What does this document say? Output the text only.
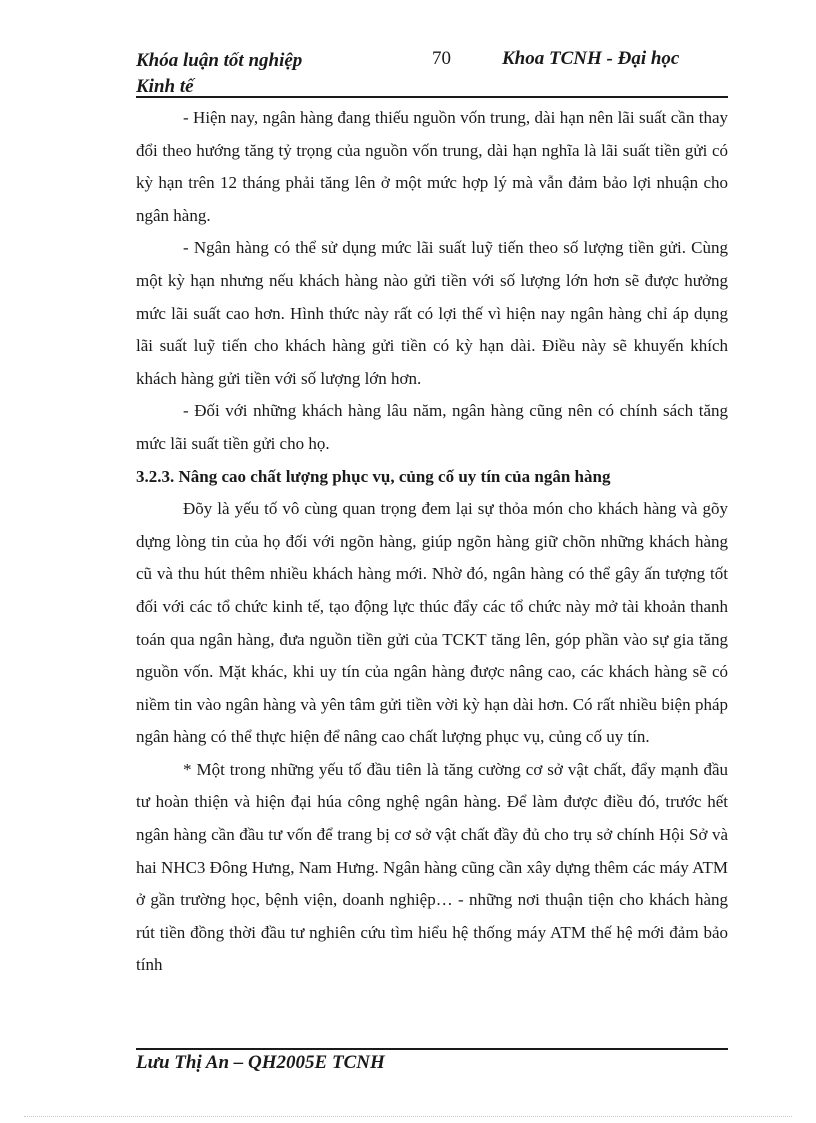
Khóa luận tốt nghiệp
Kinh tế
70	Khoa TCNH - Đại học

- Hiện nay, ngân hàng đang thiếu nguồn vốn trung, dài hạn nên lãi suất cần thay đổi theo hướng tăng tỷ trọng của nguồn vốn trung, dài hạn nghĩa là lãi suất tiền gửi có kỳ hạn trên 12 tháng phải tăng lên ở một mức hợp lý mà vẫn đảm bảo lợi nhuận cho ngân hàng.

- Ngân hàng có thể sử dụng mức lãi suất luỹ tiến theo số lượng tiền gửi. Cùng một kỳ hạn nhưng nếu khách hàng nào gửi tiền với số lượng lớn hơn sẽ được hưởng mức lãi suất cao hơn. Hình thức này rất có lợi thế vì hiện nay ngân hàng chỉ áp dụng lãi suất luỹ tiến cho khách hàng gửi tiền có kỳ hạn dài. Điều này sẽ khuyến khích khách hàng gửi tiền với số lượng lớn hơn.

- Đối với những khách hàng lâu năm, ngân hàng cũng nên có chính sách tăng mức lãi suất tiền gửi cho họ.

3.2.3. Nâng cao chất lượng phục vụ, củng cố uy tín của ngân hàng

Đõy là yếu tố vô cùng quan trọng đem lại sự thỏa món cho khách hàng và gõy dựng lòng tin của họ đối với ngõn hàng, giúp ngõn hàng giữ chõn những khách hàng cũ và thu hút thêm nhiều khách hàng mới. Nhờ đó, ngân hàng có thể gây ấn tượng tốt đối với các tổ chức kinh tế, tạo động lực thúc đẩy các tổ chức này mở tài khoản thanh toán qua ngân hàng, đưa nguồn tiền gửi của TCKT tăng lên, góp phần vào sự gia tăng nguồn vốn. Mặt khác, khi uy tín của ngân hàng được nâng cao, các khách hàng sẽ có niềm tin vào ngân hàng và yên tâm gửi tiền vời kỳ hạn dài hơn. Có rất nhiều biện pháp ngân hàng có thể thực hiện để nâng cao chất lượng phục vụ, củng cố uy tín.

* Một trong những yếu tố đầu tiên là tăng cường cơ sở vật chất, đẩy mạnh đầu tư hoàn thiện và hiện đại húa công nghệ ngân hàng. Để làm được điều đó, trước hết ngân hàng cần đầu tư vốn để trang bị cơ sở vật chất đầy đủ cho trụ sở chính Hội Sở và hai NHC3 Đông Hưng, Nam Hưng. Ngân hàng cũng cần xây dựng thêm các máy ATM ở gần trường học, bệnh viện, doanh nghiệp… - những nơi thuận tiện cho khách hàng rút tiền đồng thời đầu tư nghiên cứu tìm hiểu hệ thống máy ATM thế hệ mới đảm bảo tính

Lưu Thị An – QH2005E TCNH
